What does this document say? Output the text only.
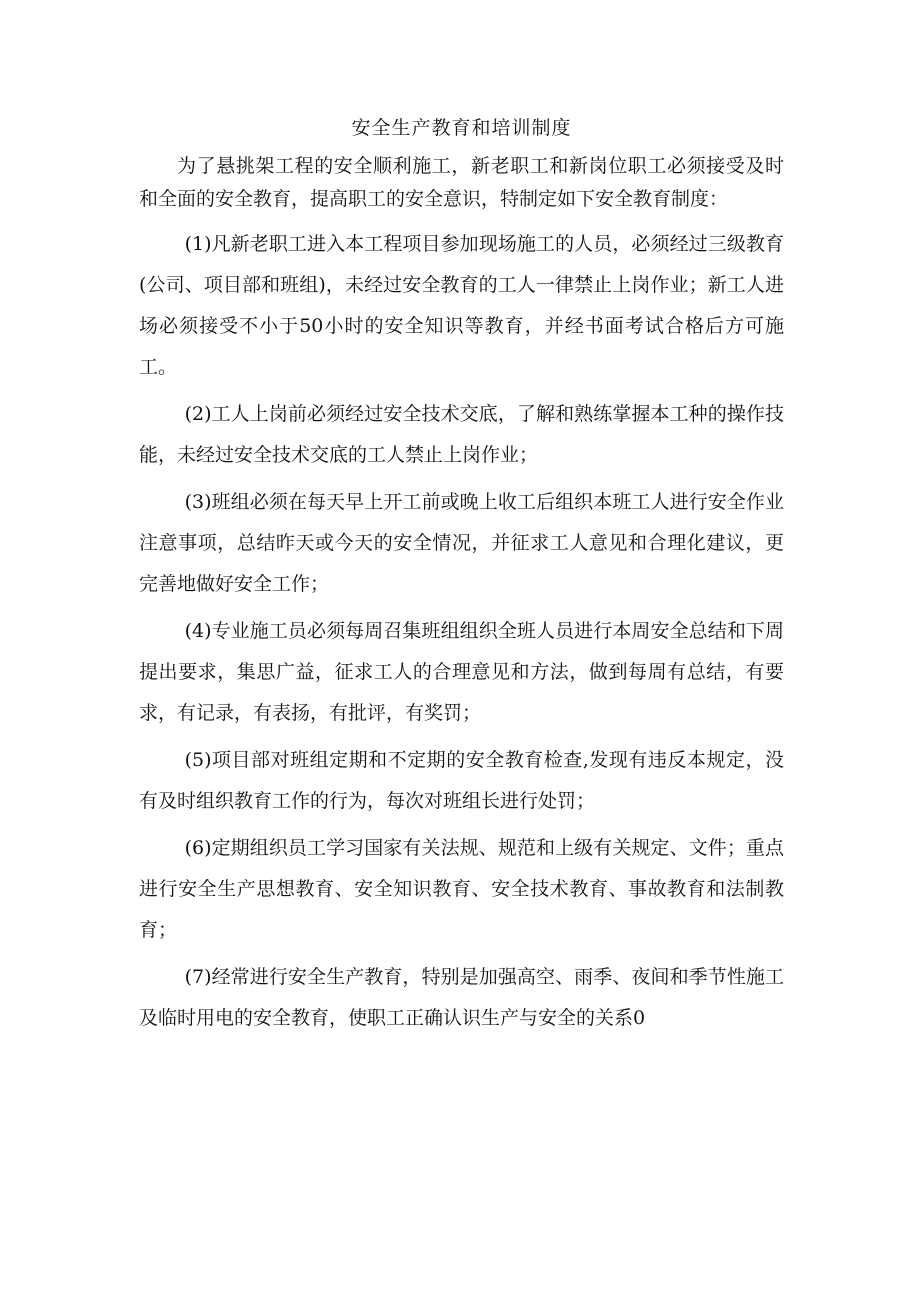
安全生产教育和培训制度

为了悬挑架工程的安全顺利施工，新老职工和新岗位职工必须接受及时和全面的安全教育，提高职工的安全意识，特制定如下安全教育制度：

(1)凡新老职工进入本工程项目参加现场施工的人员，必须经过三级教育(公司、项目部和班组)，未经过安全教育的工人一律禁止上岗作业；新工人进场必须接受不小于50小时的安全知识等教育，并经书面考试合格后方可施工。

(2)工人上岗前必须经过安全技术交底，了解和熟练掌握本工种的操作技能，未经过安全技术交底的工人禁止上岗作业；

(3)班组必须在每天早上开工前或晚上收工后组织本班工人进行安全作业注意事项，总结昨天或今天的安全情况，并征求工人意见和合理化建议，更完善地做好安全工作；

(4)专业施工员必须每周召集班组组织全班人员进行本周安全总结和下周提出要求，集思广益，征求工人的合理意见和方法，做到每周有总结，有要求，有记录，有表扬，有批评，有奖罚；

(5)项目部对班组定期和不定期的安全教育检查,发现有违反本规定，没有及时组织教育工作的行为，每次对班组长进行处罚；

(6)定期组织员工学习国家有关法规、规范和上级有关规定、文件；重点进行安全生产思想教育、安全知识教育、安全技术教育、事故教育和法制教育；

(7)经常进行安全生产教育，特别是加强高空、雨季、夜间和季节性施工及临时用电的安全教育，使职工正确认识生产与安全的关系0
